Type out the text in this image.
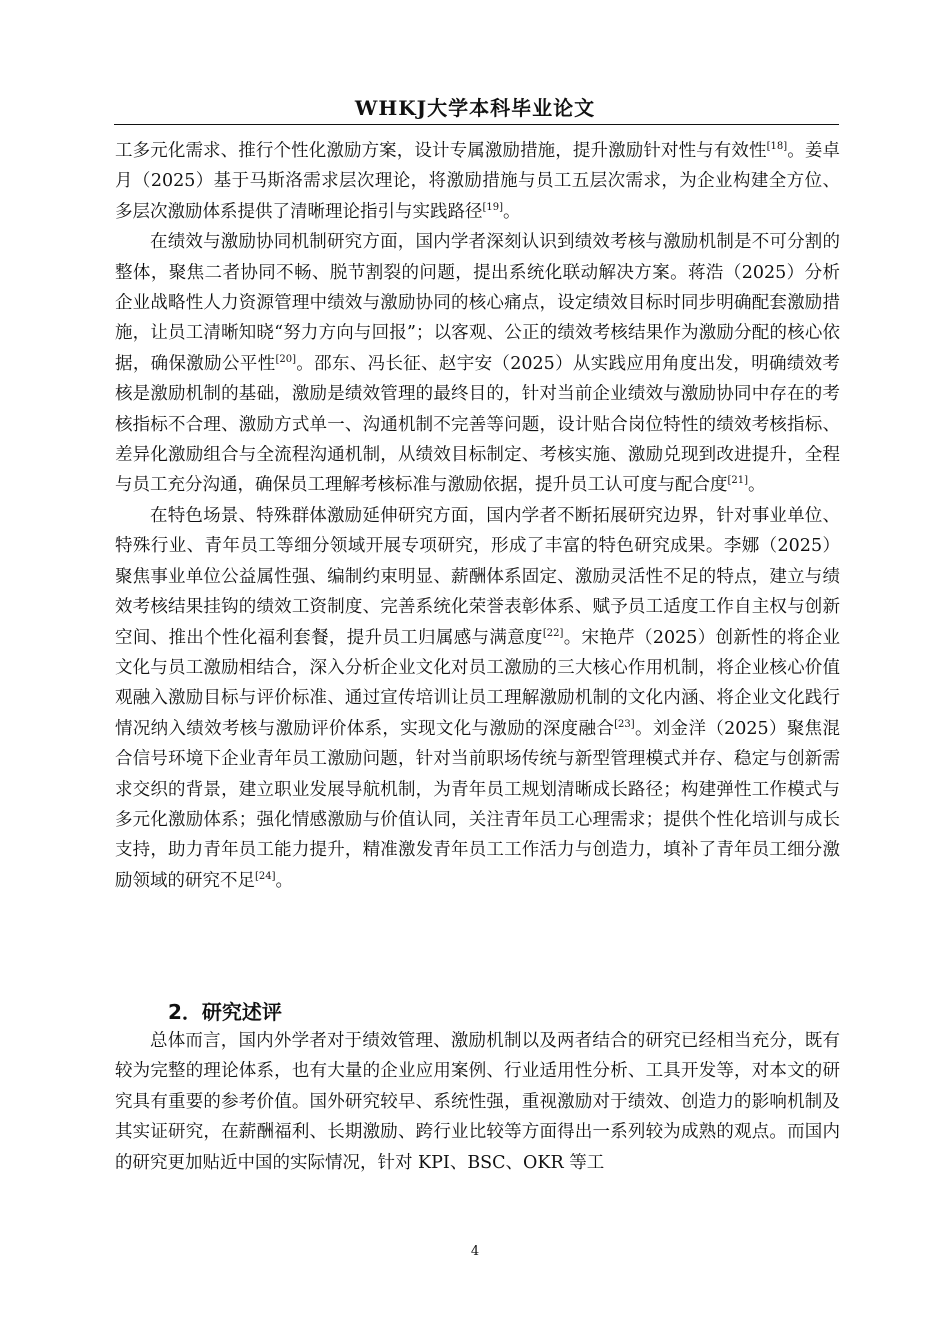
WHKJ大学本科毕业论文

工多元化需求、推行个性化激励方案，设计专属激励措施，提升激励针对性与有效性[18]。姜卓月（2025）基于马斯洛需求层次理论，将激励措施与员工五层次需求，为企业构建全方位、多层次激励体系提供了清晰理论指引与实践路径[19]。

在绩效与激励协同机制研究方面，国内学者深刻认识到绩效考核与激励机制是不可分割的整体，聚焦二者协同不畅、脱节割裂的问题，提出系统化联动解决方案。蒋浩（2025）分析企业战略性人力资源管理中绩效与激励协同的核心痛点，设定绩效目标时同步明确配套激励措施，让员工清晰知晓“努力方向与回报”；以客观、公正的绩效考核结果作为激励分配的核心依据，确保激励公平性[20]。邵东、冯长征、赵宇安（2025）从实践应用角度出发，明确绩效考核是激励机制的基础，激励是绩效管理的最终目的，针对当前企业绩效与激励协同中存在的考核指标不合理、激励方式单一、沟通机制不完善等问题，设计贴合岗位特性的绩效考核指标、差异化激励组合与全流程沟通机制，从绩效目标制定、考核实施、激励兑现到改进提升，全程与员工充分沟通，确保员工理解考核标准与激励依据，提升员工认可度与配合度[21]。

在特色场景、特殊群体激励延伸研究方面，国内学者不断拓展研究边界，针对事业单位、特殊行业、青年员工等细分领域开展专项研究，形成了丰富的特色研究成果。李娜（2025）聚焦事业单位公益属性强、编制约束明显、薪酬体系固定、激励灵活性不足的特点，建立与绩效考核结果挂钩的绩效工资制度、完善系统化荣誉表彰体系、赋予员工适度工作自主权与创新空间、推出个性化福利套餐，提升员工归属感与满意度[22]。宋艳芹（2025）创新性的将企业文化与员工激励相结合，深入分析企业文化对员工激励的三大核心作用机制，将企业核心价值观融入激励目标与评价标准、通过宣传培训让员工理解激励机制的文化内涵、将企业文化践行情况纳入绩效考核与激励评价体系，实现文化与激励的深度融合[23]。刘金洋（2025）聚焦混合信号环境下企业青年员工激励问题，针对当前职场传统与新型管理模式并存、稳定与创新需求交织的背景，建立职业发展导航机制，为青年员工规划清晰成长路径；构建弹性工作模式与多元化激励体系；强化情感激励与价值认同，关注青年员工心理需求；提供个性化培训与成长支持，助力青年员工能力提升，精准激发青年员工工作活力与创造力，填补了青年员工细分激励领域的研究不足[24]。

2．研究述评

总体而言，国内外学者对于绩效管理、激励机制以及两者结合的研究已经相当充分，既有较为完整的理论体系，也有大量的企业应用案例、行业适用性分析、工具开发等，对本文的研究具有重要的参考价值。国外研究较早、系统性强，重视激励对于绩效、创造力的影响机制及其实证研究，在薪酬福利、长期激励、跨行业比较等方面得出一系列较为成熟的观点。而国内的研究更加贴近中国的实际情况，针对 KPI、BSC、OKR 等工

4
